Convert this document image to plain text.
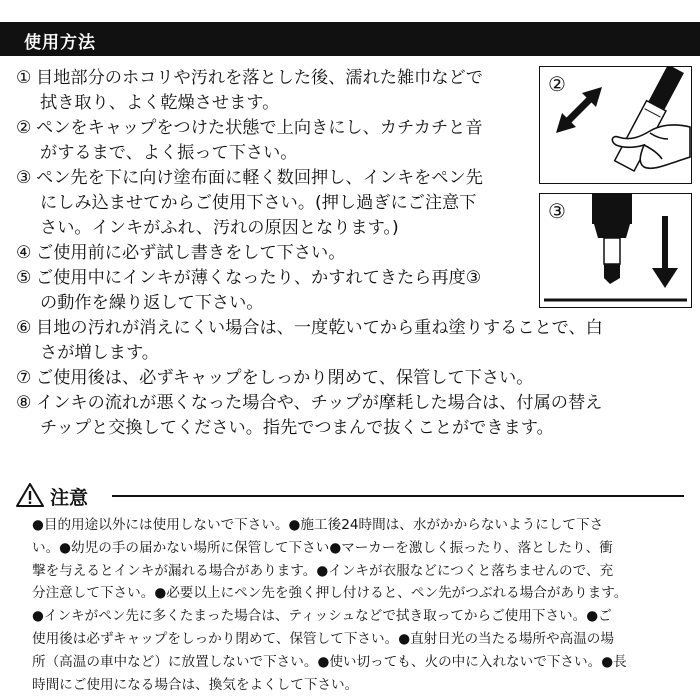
使用方法
① 目地部分のホコリや汚れを落とした後、濡れた雑巾などで
拭き取り、よく乾燥させます。
② ペンをキャップをつけた状態で上向きにし、カチカチと音
がするまで、よく振って下さい。
③ ペン先を下に向け塗布面に軽く数回押し、インキをペン先
にしみ込ませてからご使用下さい。(押し過ぎにご注意下
さい。インキがふれ、汚れの原因となります。)
④ ご使用前に必ず試し書きをして下さい。
⑤ ご使用中にインキが薄くなったり、かすれてきたら再度③
の動作を繰り返して下さい。
⑥ 目地の汚れが消えにくい場合は、一度乾いてから重ね塗りすることで、白
さが増します。
⑦ ご使用後は、必ずキャップをしっかり閉めて、保管して下さい。
⑧ インキの流れが悪くなった場合や、チップが摩耗した場合は、付属の替え
チップと交換してください。指先でつまんで抜くことができます。
②
③
注意
●目的用途以外には使用しないで下さい。●施工後24時間は、水がかからないようにして下さ
い。●幼児の手の届かない場所に保管して下さい●マーカーを激しく振ったり、落としたり、衝
撃を与えるとインキが漏れる場合があります。●インキが衣服などにつくと落ちませんので、充
分注意して下さい。●必要以上にペン先を強く押し付けると、ペン先がつぶれる場合があります。
●インキがペン先に多くたまった場合は、ティッシュなどで拭き取ってからご使用下さい。●ご
使用後は必ずキャップをしっかり閉めて、保管して下さい。●直射日光の当たる場所や高温の場
所（高温の車中など）に放置しないで下さい。●使い切っても、火の中に入れないで下さい。●長
時間にご使用になる場合は、換気をよくして下さい。
